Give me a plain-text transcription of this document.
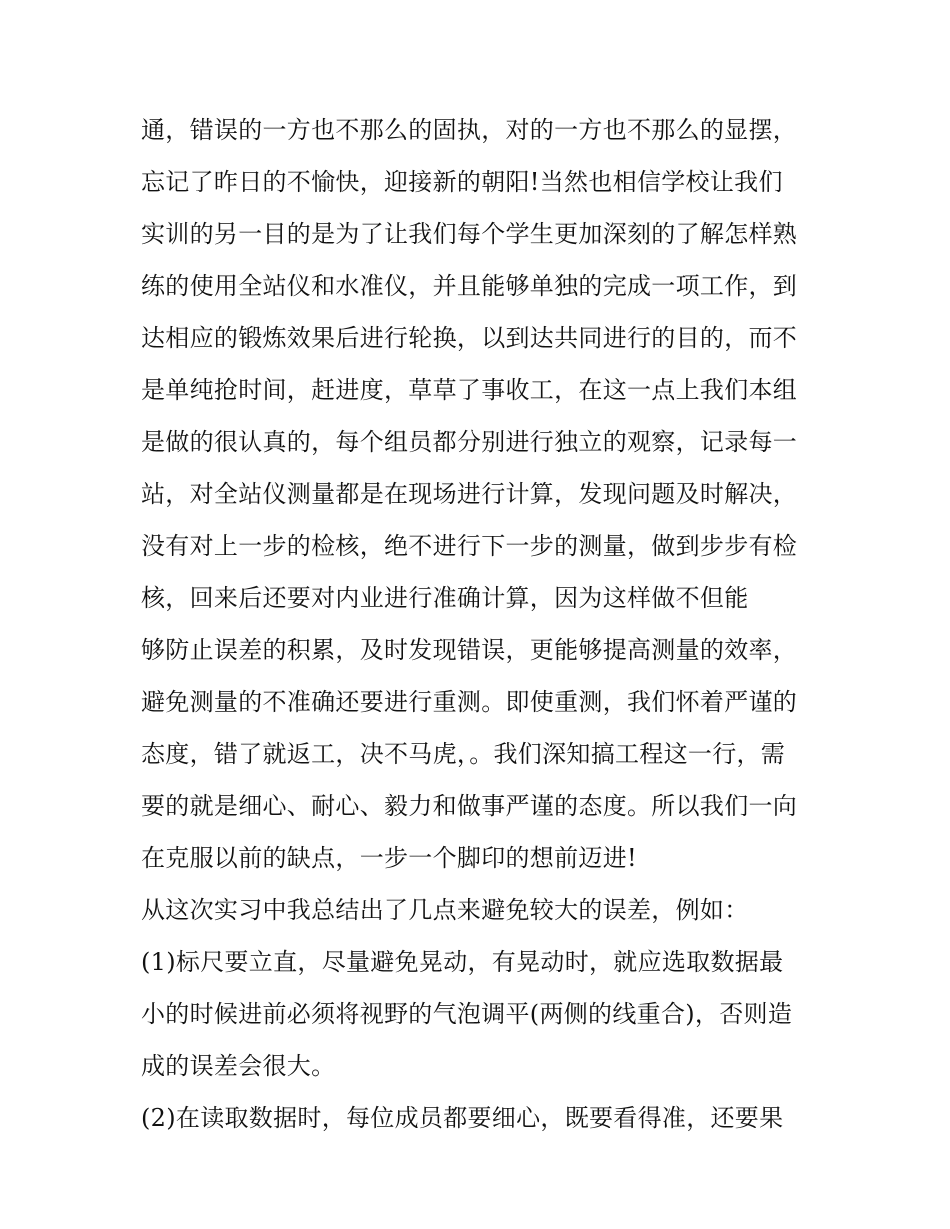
通，错误的一方也不那么的固执，对的一方也不那么的显摆，
忘记了昨日的不愉快，迎接新的朝阳!当然也相信学校让我们
实训的另一目的是为了让我们每个学生更加深刻的了解怎样熟
练的使用全站仪和水准仪，并且能够单独的完成一项工作，到
达相应的锻炼效果后进行轮换，以到达共同进行的目的，而不
是单纯抢时间，赶进度，草草了事收工，在这一点上我们本组
是做的很认真的，每个组员都分别进行独立的观察，记录每一
站，对全站仪测量都是在现场进行计算，发现问题及时解决，
没有对上一步的检核，绝不进行下一步的测量，做到步步有检
核，回来后还要对内业进行准确计算，因为这样做不但能
够防止误差的积累，及时发现错误，更能够提高测量的效率，
避免测量的不准确还要进行重测。即使重测，我们怀着严谨的
态度，错了就返工，决不马虎，。我们深知搞工程这一行，需
要的就是细心、耐心、毅力和做事严谨的态度。所以我们一向
在克服以前的缺点，一步一个脚印的想前迈进!
从这次实习中我总结出了几点来避免较大的误差，例如：
(1)标尺要立直，尽量避免晃动，有晃动时，就应选取数据最
小的时候进前必须将视野的气泡调平(两侧的线重合)，否则造
成的误差会很大。
(2)在读取数据时，每位成员都要细心，既要看得准，还要果
